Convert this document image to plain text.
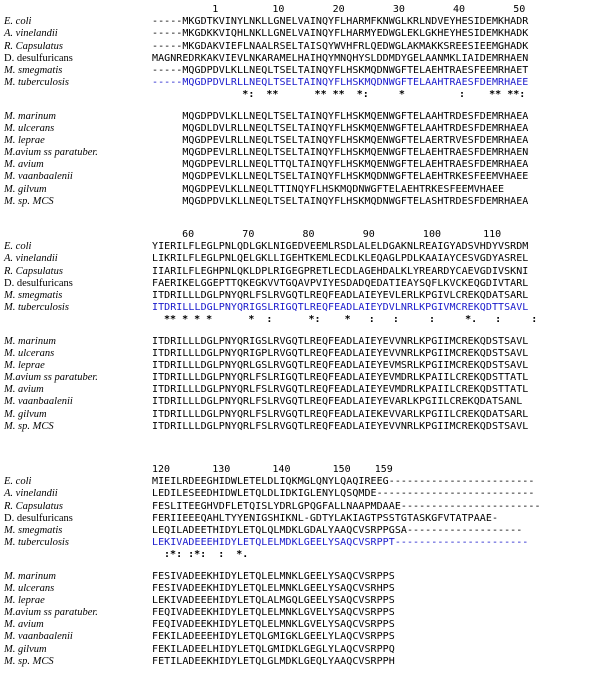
1         10        20        30        40        50
E. coli	-----MKGDTKVINYLNKLLGNELVAINQYFLHARMFKNWGLKRLNDVEYHESIDEMKHADR
A. vinelandii	-----MKGDKKVIQHLNKLLGNELVAINQYFLHARMYEDWGLEKLGKHEYHESIDEMKHADK
R. Capsulatus	-----MKGDAKVIEFLNAALRSELTAISQYWVHFRLQEDWGLAKMAKKSREESIEEMGHADK
D. desulfuricans	MAGNREDRKAKVIEVLNKARAMELHAIHQYMNQHYSLDDMDYGELAANMKLIAIDEMRHAEN
M. smegmatis	-----MQGDPDVLKLLNEQLTSELTAINQYFLHSKMQDNWGFTELAEHTRAESFEEMRHAET
M. tuberculosis	-----MQGDPDVLRLLNEQLTSELTAINQYFLHSKMQDNWGFTELAAHTRAESFDEMRHAEE
*:  **      ** **  *:     *         :    ** **:
M. marinum	MQGDPDVLKLLNEQLTSELTAINQYFLHSKMQENWGFTELAAHTRDESFDEMRHAEA
M. ulcerans	MQGDLDVLRLLNEQLTSELTAINQYFLHSKMQENWGFTELAAHTRDESFDEMRHAEA
M. leprae	MQGDPEVLRLLNEQLTSELTAINQYFLHSKMQENWGFTELAERTRVESFDEMRHAEA
M.avium ss paratuber.	MQGDPEVLRLLNEQLTSELTAINQYFLHSKMQENWGFTELAEHTRAESFDEMRHAEN
M. avium	MQGDPEVLRLLNEQLTTQLTAINQYFLHSKMQENWGFTELAEHTRAESFDEMRHAEA
M. vaanbaalenii	MQGDPEVLKLLNEQLTSELTAINQYFLHSKMQDNWGFTELAEHTRKESFEEMVHAEE
M. gilvum	MQGDPEVLKLLNEQLTTINQYFLHSKMQDNWGFTELAEHTRKESFEEMVHAEE
M. sp. MCS	MQGDPDVLKLLNEQLTSELTAINQYFLHSKMQDNWGFTELASHTRDESFDEMRHAEA
60        70        80        90        100       110
E. coli	YIERILFLEGLPNLQDLGKLNIGEDVEEMLRSDLALELDGAKNLREAIGYADSVHDYVSRDM
A. vinelandii	LIKRILFLEGLPNLQELGKLLIGEHTKEMLECDLKLEQAGLPDLKAAIAYCESVGDYASREL
R. Capsulatus	IIARILFLEGHPNLQKLDPLRIGEGPRETLECDLAGEHDALKLYREARDYCAEVGDIVSKNI
D. desulfuricans	FAERIKELGGEPTTQKEGKVVTGQAVPVIYESDADQEDATIEAYSQFLKVCKEQGDIVTARL
M. smegmatis	ITDRILLLDGLPNYQRLFSLRVGQTLREQFEADLAIEYEVLERLKPGIVLCREKQDATSARL
M. tuberculosis	ITDRILLLDGLPNYQRIGSLRIGQTLREQFEADLAIEYDVLNRLKPGIVMCREKQDTTSAVL
** * * *      *  :      *:    *   :   :     :     *.   :     :
M. marinum	ITDRILLLDGLPNYQRIGSLRVGQTLREQFEADLAIEYEVVNRLKPGIIMCREKQDSTSAVL
M. ulcerans	ITDRILLLDGLPNYQRIGPLRVGQTLREQFEADLAIEYEVVNRLKPGIIMCREKQDSTSAVL
M. leprae	ITDRILLLDGLPNYQRLGSLRVGQTLREQFEADLAIEYEVMSRLKPGIIMCREKQDSTSAVL
M.avium ss paratuber.	ITDRILLLDGLPNYQRLFSLRIGQTLREQFEADLAIEYEVMDRLKPAIILCREKQDSTTATL
M. avium	ITDRILLLDGLPNYQRLFSLRVGQTLREQFEADLAIEYEVMDRLKPAIILCREKQDSTTATL
M. vaanbaalenii	ITDRILLLDGLPNYQRLFSLRVGQTLREQFEADLAIEYEVARLKPGIILCREKQDATSANL
M. gilvum	ITDRILLLDGLPNYQRLFSLRVGQTLREQFEADLAIEKEVVARLKPGIILCREKQDATSARL
M. sp. MCS	ITDRILLLDGLPNYQRLFSLRVGQTLREQFEADLAIEYEVVNRLKPGIIMCREKQDSTSAVL
120       130       140       150    159
E. coli	MIEILRDEEGHIDWLETELDLIQKMGLQNYLQAQIREEG------------------------
A. vinelandii	LEDILESEEDHIDWLETQLDLIDKIGLENYLQSQMDE--------------------------
R. Capsulatus	FESLITEEGHVDFLETQISLYDRLGPQGFALLNAAPMDAAE-----------------------
D. desulfuricans	FERIIEEEQAHLTYYENIGSHIKNL-GDTYLAKIAGTPSSTGTASKGFVTATPAAE-
M. smegmatis	LEQILADEETHIDYLETQLQLMDKLGDALYAAQCVSRPPGSA-------------------
M. tuberculosis	LEKIVADEEEHIDYLETQLELMDKLGEELYSAQCVSRPPT----------------------
:*: :*:  :  *.
M. marinum	FESIVADEEKHIDYLETQLELMNKLGEELYSAQCVSRPPS
M. ulcerans	FESIVADEEKHIDYLETQLELMNKLGEELYSAQCVSRHPS
M. leprae	LEKIVADEEEHIDYLETQLALMGQLGEELYSAQCVSRPPS
M.avium ss paratuber.	FEQIVADEEKHIDYLETQLELMNKLGVELYSAQCVSRPPS
M. avium	FEQIVADEEKHIDYLETQLELMNKLGVELYSAQCVSRPPS
M. vaanbaalenii	FEKILADEEEHIDYLETQLGMIGKLGEELYLAQCVSRPPS
M. gilvum	FEKILADEELHIDYLETQLGMIDKLGEGLYLAQCVSRPPQ
M. sp. MCS	FETILADEEKHIDYLETQLGLMDKLGEQLYAAQCVSRPPH
